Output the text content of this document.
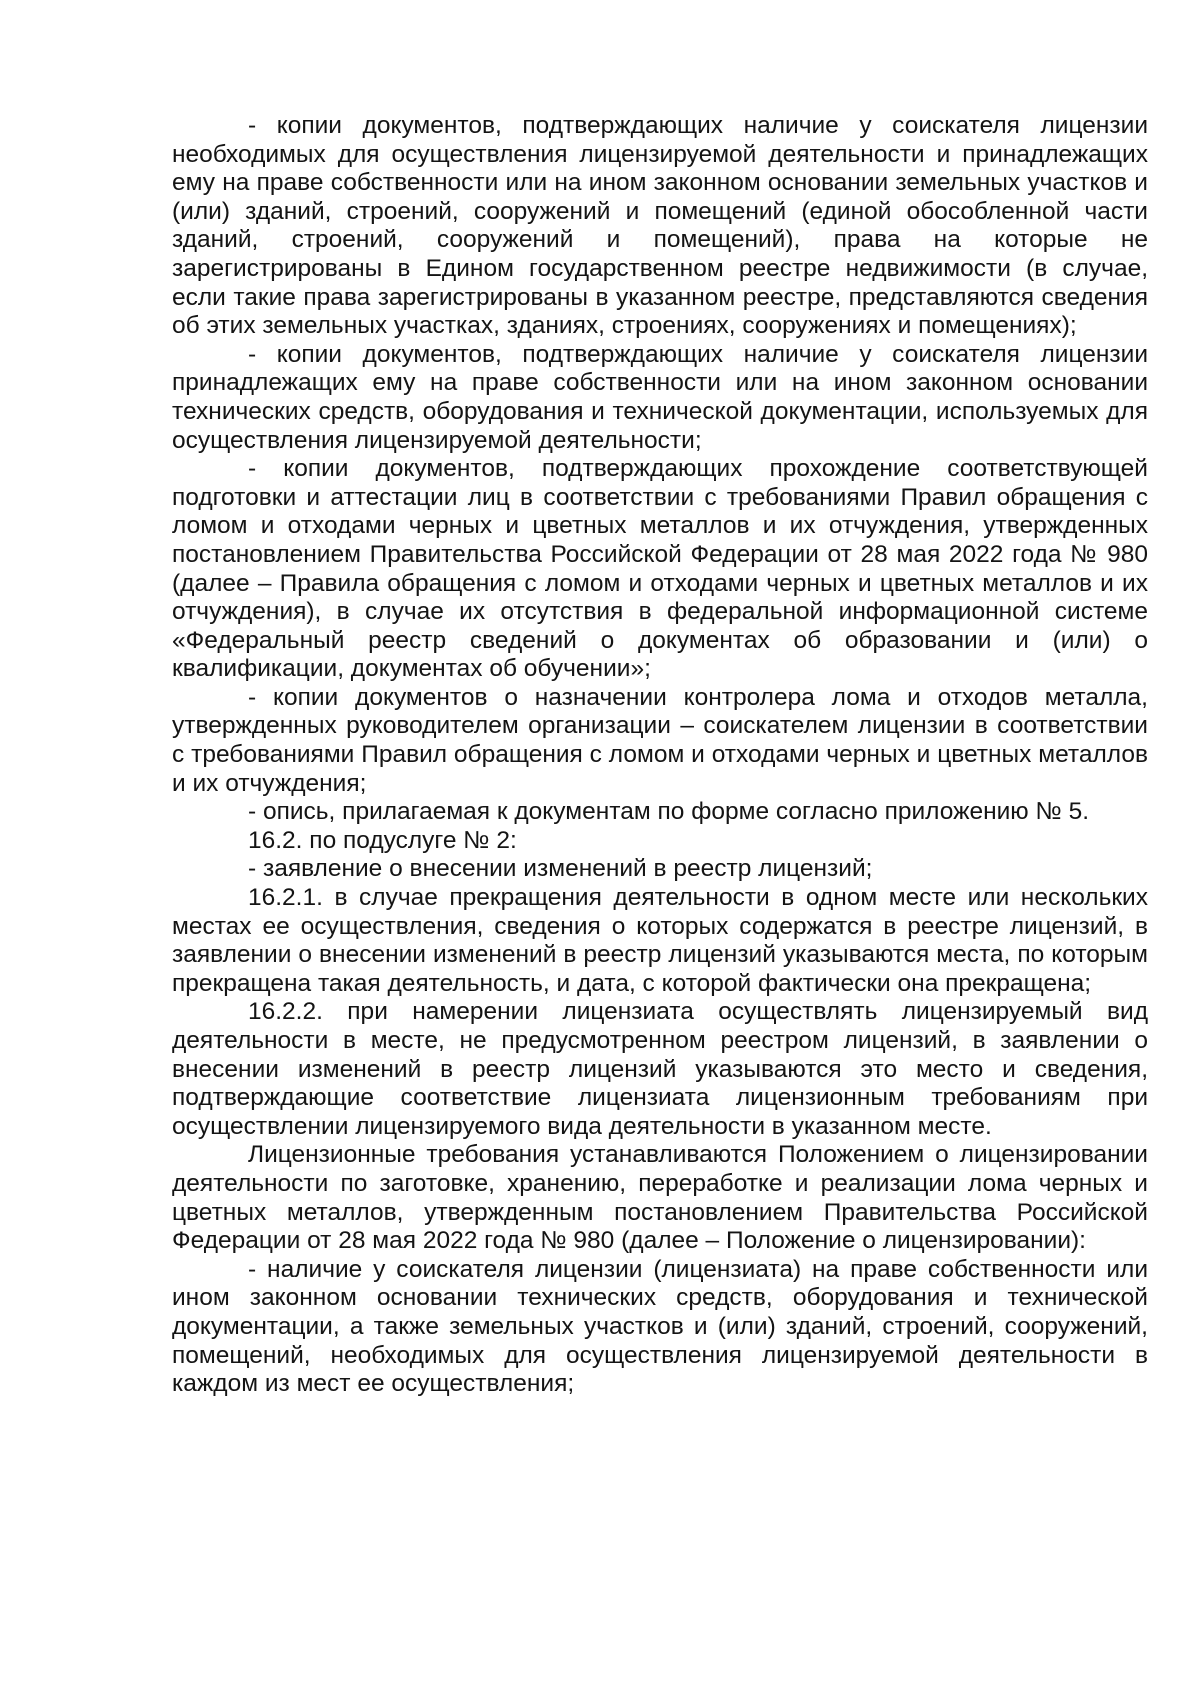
- копии документов, подтверждающих наличие у соискателя лицензии необходимых для осуществления лицензируемой деятельности и принадлежащих ему на праве собственности или на ином законном основании земельных участков и (или) зданий, строений, сооружений и помещений (единой обособленной части зданий, строений, сооружений и помещений), права на которые не зарегистрированы в Едином государственном реестре недвижимости (в случае, если такие права зарегистрированы в указанном реестре, представляются сведения об этих земельных участках, зданиях, строениях, сооружениях и помещениях);

- копии документов, подтверждающих наличие у соискателя лицензии принадлежащих ему на праве собственности или на ином законном основании технических средств, оборудования и технической документации, используемых для осуществления лицензируемой деятельности;

- копии документов, подтверждающих прохождение соответствующей подготовки и аттестации лиц в соответствии с требованиями Правил обращения с ломом и отходами черных и цветных металлов и их отчуждения, утвержденных постановлением Правительства Российской Федерации от 28 мая 2022 года № 980 (далее – Правила обращения с ломом и отходами черных и цветных металлов и их отчуждения), в случае их отсутствия в федеральной информационной системе «Федеральный реестр сведений о документах об образовании и (или) о квалификации, документах об обучении»;

- копии документов о назначении контролера лома и отходов металла, утвержденных руководителем организации – соискателем лицензии в соответствии с требованиями Правил обращения с ломом и отходами черных и цветных металлов и их отчуждения;

- опись, прилагаемая к документам по форме согласно приложению № 5.

16.2. по подуслуге № 2:

- заявление о внесении изменений в реестр лицензий;

16.2.1. в случае прекращения деятельности в одном месте или нескольких местах ее осуществления, сведения о которых содержатся в реестре лицензий, в заявлении о внесении изменений в реестр лицензий указываются места, по которым прекращена такая деятельность, и дата, с которой фактически она прекращена;

16.2.2. при намерении лицензиата осуществлять лицензируемый вид деятельности в месте, не предусмотренном реестром лицензий, в заявлении о внесении изменений в реестр лицензий указываются это место и сведения, подтверждающие соответствие лицензиата лицензионным требованиям при осуществлении лицензируемого вида деятельности в указанном месте.

Лицензионные требования устанавливаются Положением о лицензировании деятельности по заготовке, хранению, переработке и реализации лома черных и цветных металлов, утвержденным постановлением Правительства Российской Федерации от 28 мая 2022 года № 980 (далее – Положение о лицензировании):

- наличие у соискателя лицензии (лицензиата) на праве собственности или ином законном основании технических средств, оборудования и технической документации, а также земельных участков и (или) зданий, строений, сооружений, помещений, необходимых для осуществления лицензируемой деятельности в каждом из мест ее осуществления;
